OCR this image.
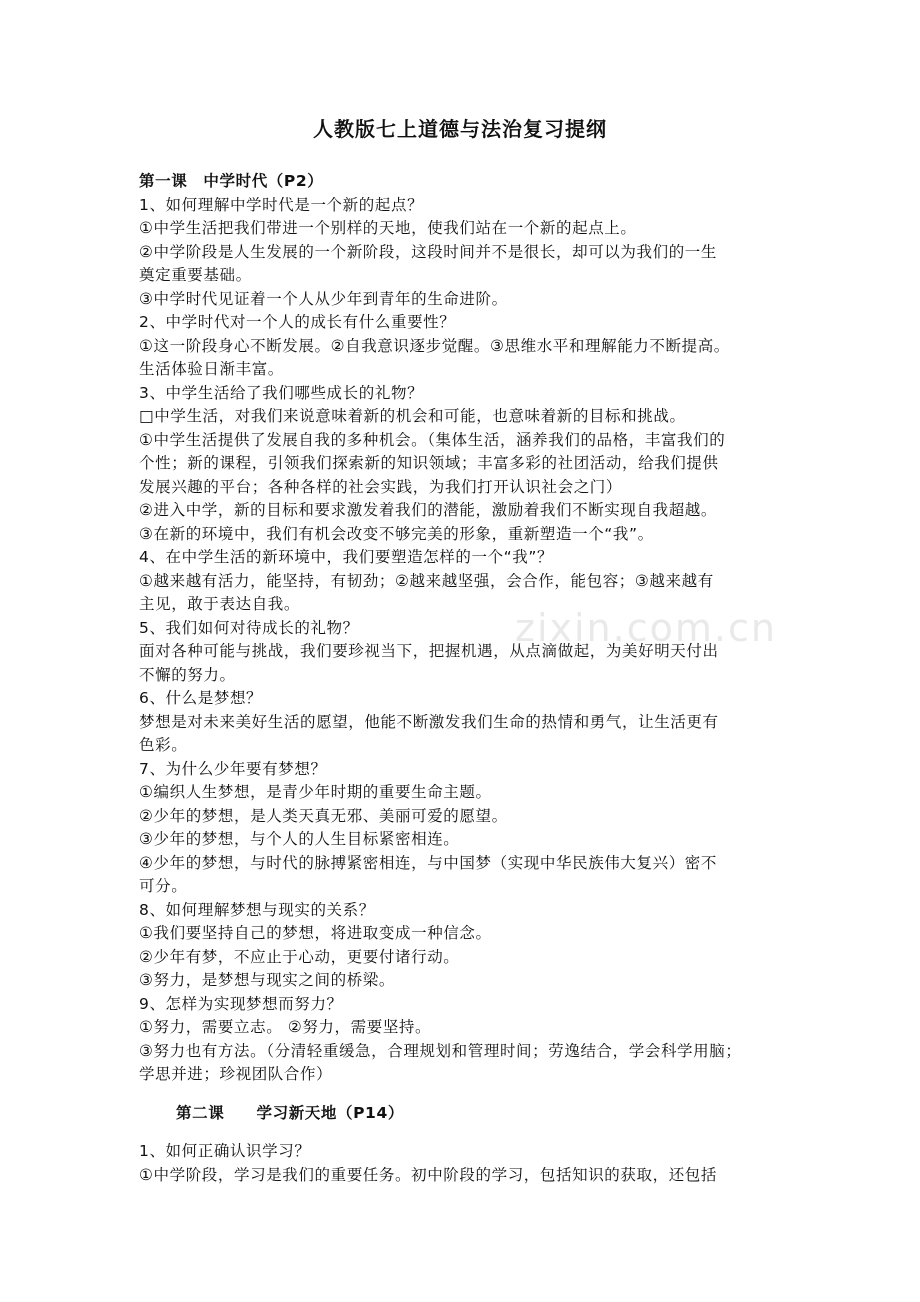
zixin.com.cn
人教版七上道德与法治复习提纲
第一课　中学时代（P2）
1、如何理解中学时代是一个新的起点？
①中学生活把我们带进一个别样的天地，使我们站在一个新的起点上。
②中学阶段是人生发展的一个新阶段，这段时间并不是很长，却可以为我们的一生
奠定重要基础。
③中学时代见证着一个人从少年到青年的生命进阶。
2、中学时代对一个人的成长有什么重要性？
①这一阶段身心不断发展。②自我意识逐步觉醒。③思维水平和理解能力不断提高。
生活体验日渐丰富。
3、中学生活给了我们哪些成长的礼物？
□中学生活，对我们来说意味着新的机会和可能，也意味着新的目标和挑战。
①中学生活提供了发展自我的多种机会。（集体生活，涵养我们的品格，丰富我们的
个性；新的课程，引领我们探索新的知识领域；丰富多彩的社团活动，给我们提供
发展兴趣的平台；各种各样的社会实践，为我们打开认识社会之门）
②进入中学，新的目标和要求激发着我们的潜能，激励着我们不断实现自我超越。
③在新的环境中，我们有机会改变不够完美的形象，重新塑造一个“我”。
4、在中学生活的新环境中，我们要塑造怎样的一个“我”？
①越来越有活力，能坚持，有韧劲；②越来越坚强，会合作，能包容；③越来越有
主见，敢于表达自我。
5、我们如何对待成长的礼物？
面对各种可能与挑战，我们要珍视当下，把握机遇，从点滴做起，为美好明天付出
不懈的努力。
6、什么是梦想？
梦想是对未来美好生活的愿望，他能不断激发我们生命的热情和勇气，让生活更有
色彩。
7、为什么少年要有梦想？
①编织人生梦想，是青少年时期的重要生命主题。
②少年的梦想，是人类天真无邪、美丽可爱的愿望。
③少年的梦想，与个人的人生目标紧密相连。
④少年的梦想，与时代的脉搏紧密相连，与中国梦（实现中华民族伟大复兴）密不
可分。
8、如何理解梦想与现实的关系？
①我们要坚持自己的梦想，将进取变成一种信念。
②少年有梦，不应止于心动，更要付诸行动。
③努力，是梦想与现实之间的桥梁。
9、怎样为实现梦想而努力？
①努力，需要立志。 ②努力，需要坚持。
③努力也有方法。（分清轻重缓急，合理规划和管理时间；劳逸结合，学会科学用脑；
学思并进；珍视团队合作）
第二课　　学习新天地（P14）
1、如何正确认识学习？
①中学阶段，学习是我们的重要任务。初中阶段的学习，包括知识的获取，还包括
